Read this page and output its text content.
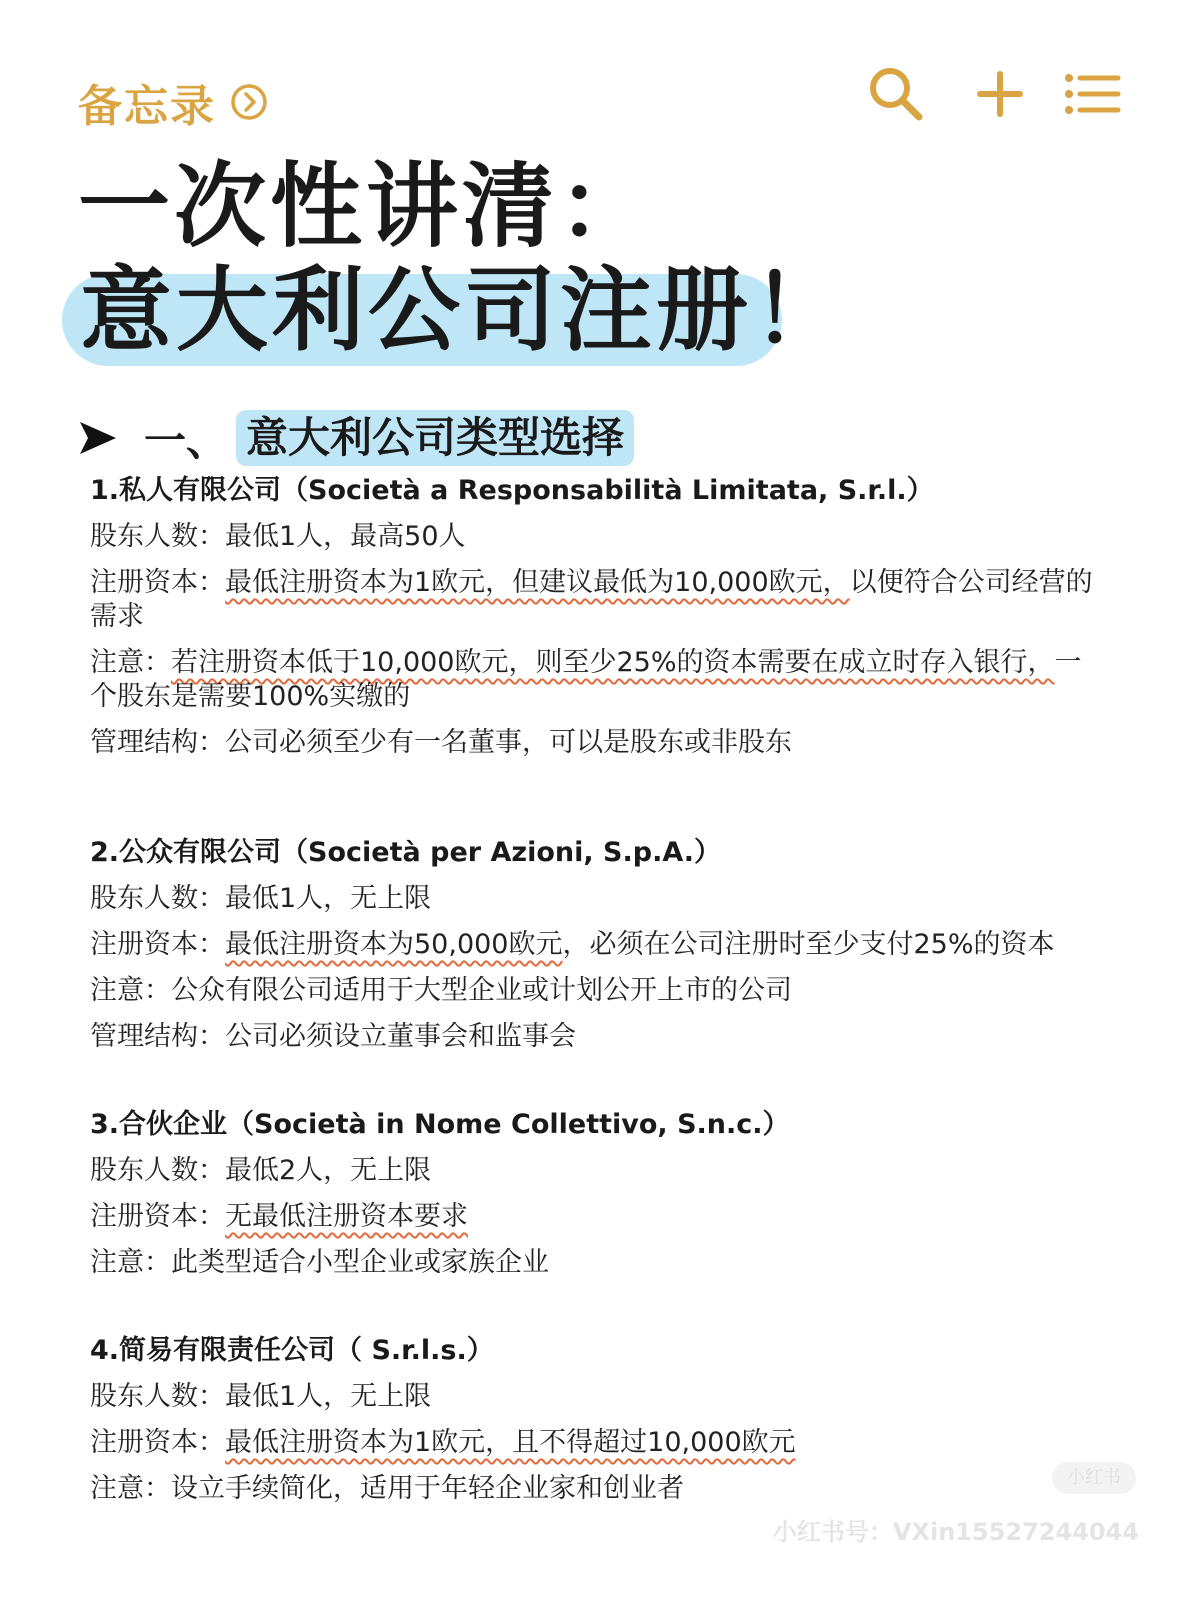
备忘录
一次性讲清：
意大利公司注册！
一、 意大利公司类型选择
1.私人有限公司（Società a Responsabilità Limitata, S.r.l.）
股东人数：最低1人，最高50人
注册资本：最低注册资本为1欧元，但建议最低为10,000欧元，以便符合公司经营的需求
注意：若注册资本低于10,000欧元，则至少25%的资本需要在成立时存入银行，一个股东是需要100%实缴的
管理结构：公司必须至少有一名董事，可以是股东或非股东
2.公众有限公司（Società per Azioni, S.p.A.）
股东人数：最低1人，无上限
注册资本：最低注册资本为50,000欧元，必须在公司注册时至少支付25%的资本
注意：公众有限公司适用于大型企业或计划公开上市的公司
管理结构：公司必须设立董事会和监事会
3.合伙企业（Società in Nome Collettivo, S.n.c.）
股东人数：最低2人，无上限
注册资本：无最低注册资本要求
注意：此类型适合小型企业或家族企业
4.简易有限责任公司（ S.r.l.s.）
股东人数：最低1人，无上限
注册资本：最低注册资本为1欧元，且不得超过10,000欧元
注意：设立手续简化，适用于年轻企业家和创业者	小红书
小红书号：VXin15527244044
